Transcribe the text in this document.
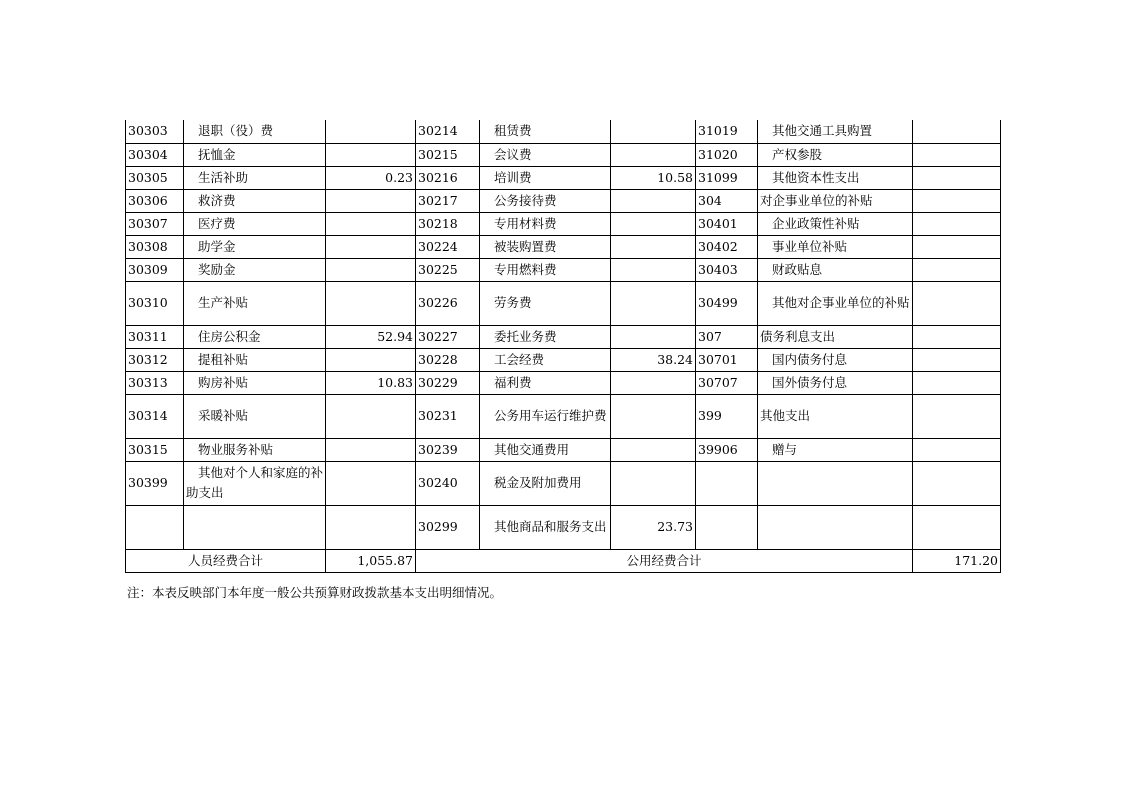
30303	退职（役）费		30214	租赁费		31019	其他交通工具购置	
30304	抚恤金		30215	会议费		31020	产权参股	
30305	生活补助	0.23	30216	培训费	10.58	31099	其他资本性支出	
30306	救济费		30217	公务接待费		304	对企事业单位的补贴	
30307	医疗费		30218	专用材料费		30401	企业政策性补贴	
30308	助学金		30224	被装购置费		30402	事业单位补贴	
30309	奖励金		30225	专用燃料费		30403	财政贴息	
30310	生产补贴		30226	劳务费		30499	其他对企事业单位的补贴	
30311	住房公积金	52.94	30227	委托业务费		307	债务利息支出	
30312	提租补贴		30228	工会经费	38.24	30701	国内债务付息	
30313	购房补贴	10.83	30229	福利费		30707	国外债务付息	
30314	采暖补贴		30231	公务用车运行维护费		399	其他支出	
30315	物业服务补贴		30239	其他交通费用		39906	赠与	
30399	其他对个人和家庭的补助支出		30240	税金及附加费用				
			30299	其他商品和服务支出	23.73			
人员经费合计		1,055.87	公用经费合计					171.20
注：本表反映部门本年度一般公共预算财政拨款基本支出明细情况。
